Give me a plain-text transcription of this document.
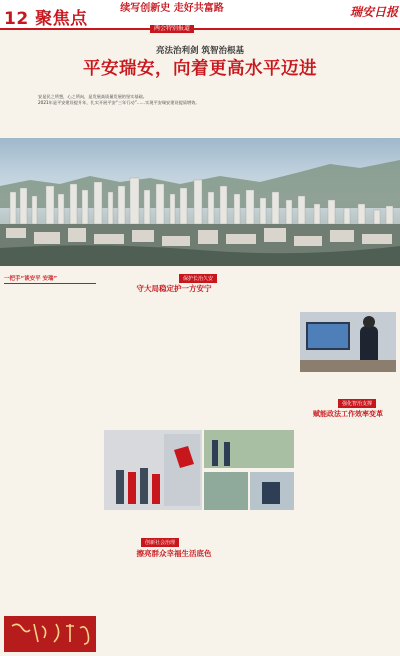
12 聚焦点
续写创新史 走好共富路
两会特别报道
瑞安日报
亮法治利剑 筑智治根基
平安瑞安，向着更高水平迈进

安是民之所想，心之所向，是发展高质量发展的坚实基础。

2021年是平安建设提升年，扎实开展平安“三年行动”……实现平安瑞安建设提质增效。

一把手“谈安平 安瑞”	保护长治久安
守大局稳定护一方安宁
创新社会治理
擦亮群众幸福生活底色
强化智治支撑
赋能政法工作效率变革
